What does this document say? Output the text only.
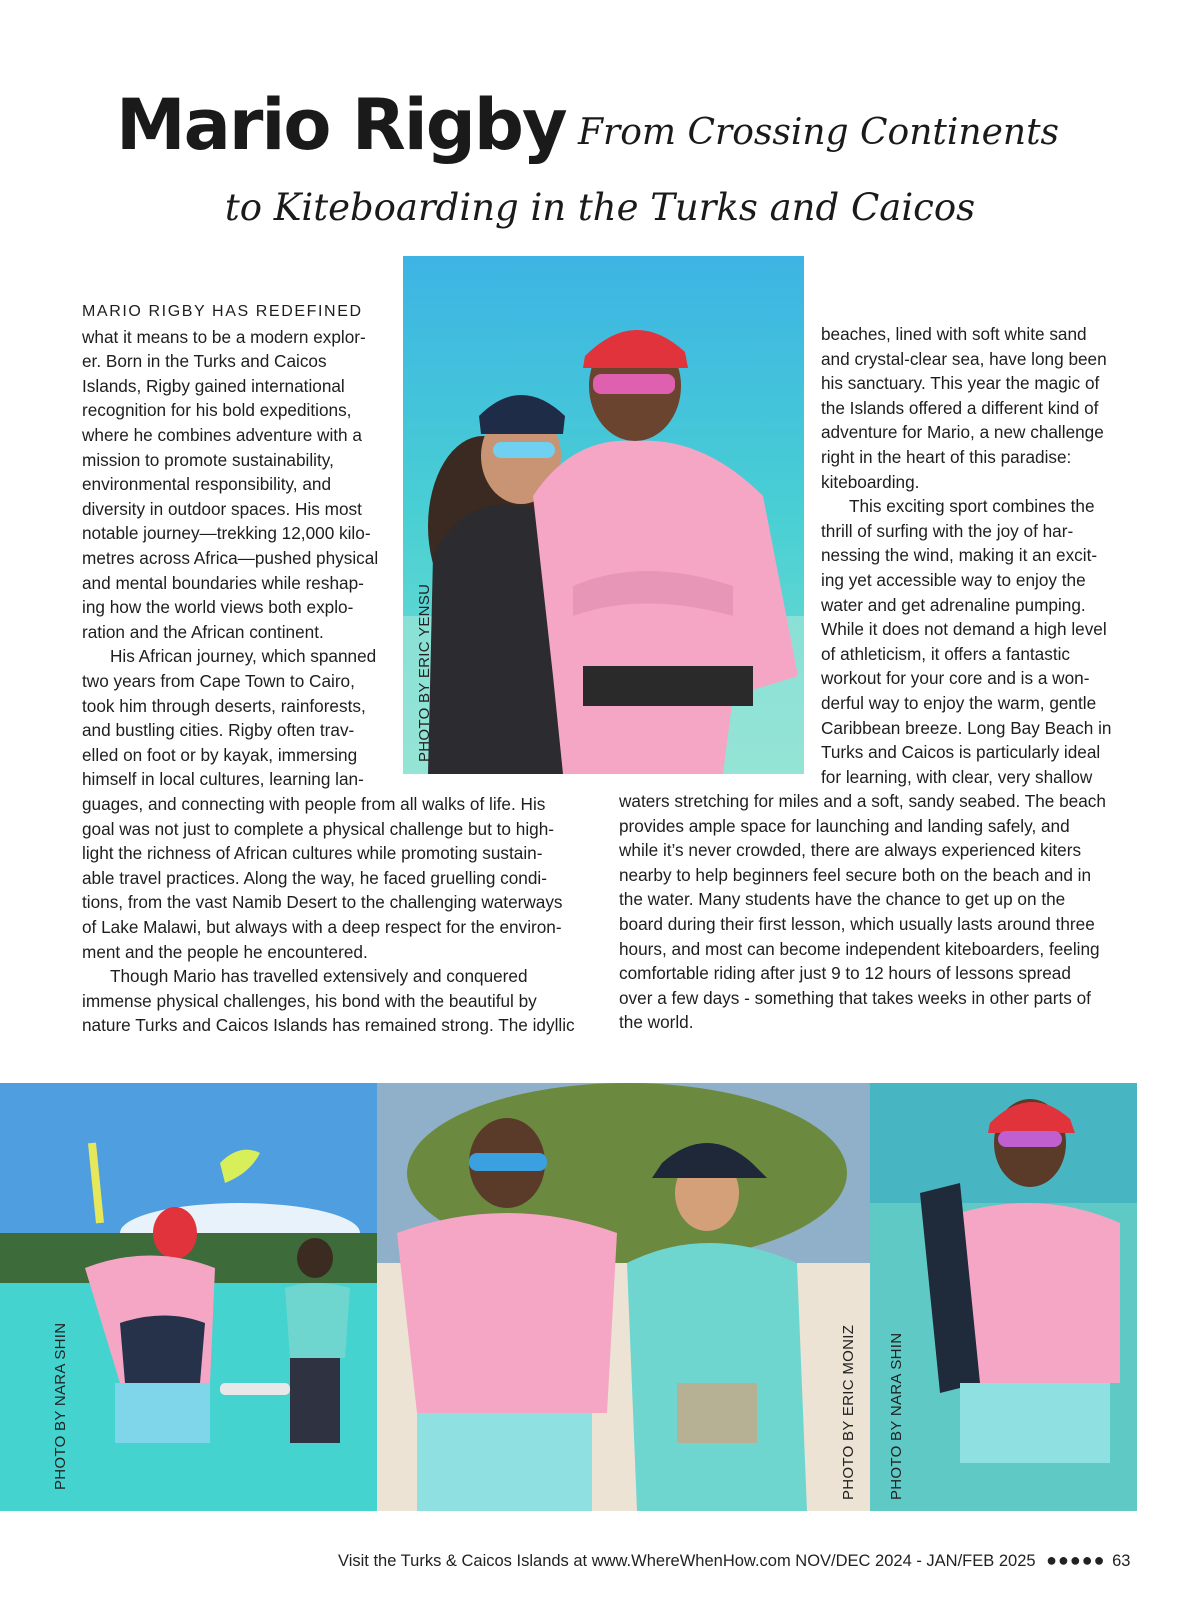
Mario Rigby From Crossing Continents
to Kiteboarding in the Turks and Caicos
PHOTO BY ERIC YENSU
MARIO RIGBY HAS REDEFINED
what it means to be a modern explor-
er. Born in the Turks and Caicos
Islands, Rigby gained international
recognition for his bold expeditions,
where he combines adventure with a
mission to promote sustainability,
environmental responsibility, and
diversity in outdoor spaces. His most
notable journey—trekking 12,000 kilo-
metres across Africa—pushed physical
and mental boundaries while reshap-
ing how the world views both explo-
ration and the African continent.
His African journey, which spanned
two years from Cape Town to Cairo,
took him through deserts, rainforests,
and bustling cities. Rigby often trav-
elled on foot or by kayak, immersing
himself in local cultures, learning lan-
guages, and connecting with people from all walks of life. His
goal was not just to complete a physical challenge but to high-
light the richness of African cultures while promoting sustain-
able travel practices. Along the way, he faced gruelling condi-
tions, from the vast Namib Desert to the challenging waterways
of Lake Malawi, but always with a deep respect for the environ-
ment and the people he encountered.
Though Mario has travelled extensively and conquered
immense physical challenges, his bond with the beautiful by
nature Turks and Caicos Islands has remained strong. The idyllic
beaches, lined with soft white sand
and crystal-clear sea, have long been
his sanctuary. This year the magic of
the Islands offered a different kind of
adventure for Mario, a new challenge
right in the heart of this paradise:
kiteboarding.
This exciting sport combines the
thrill of surfing with the joy of har-
nessing the wind, making it an excit-
ing yet accessible way to enjoy the
water and get adrenaline pumping.
While it does not demand a high level
of athleticism, it offers a fantastic
workout for your core and is a won-
derful way to enjoy the warm, gentle
Caribbean breeze. Long Bay Beach in
Turks and Caicos is particularly ideal
for learning, with clear, very shallow
waters stretching for miles and a soft, sandy seabed. The beach
provides ample space for launching and landing safely, and
while it’s never crowded, there are always experienced kiters
nearby to help beginners feel secure both on the beach and in
the water. Many students have the chance to get up on the
board during their first lesson, which usually lasts around three
hours, and most can become independent kiteboarders, feeling
comfortable riding after just 9 to 12 hours of lessons spread
over a few days - something that takes weeks in other parts of
the world.
PHOTO BY NARA SHIN	PHOTO BY ERIC MONIZ PHOTO BY NARA SHIN
Visit the Turks & Caicos Islands at www.WhereWhenHow.com NOV/DEC 2024 - JAN/FEB 2025 ●●●●● 63
